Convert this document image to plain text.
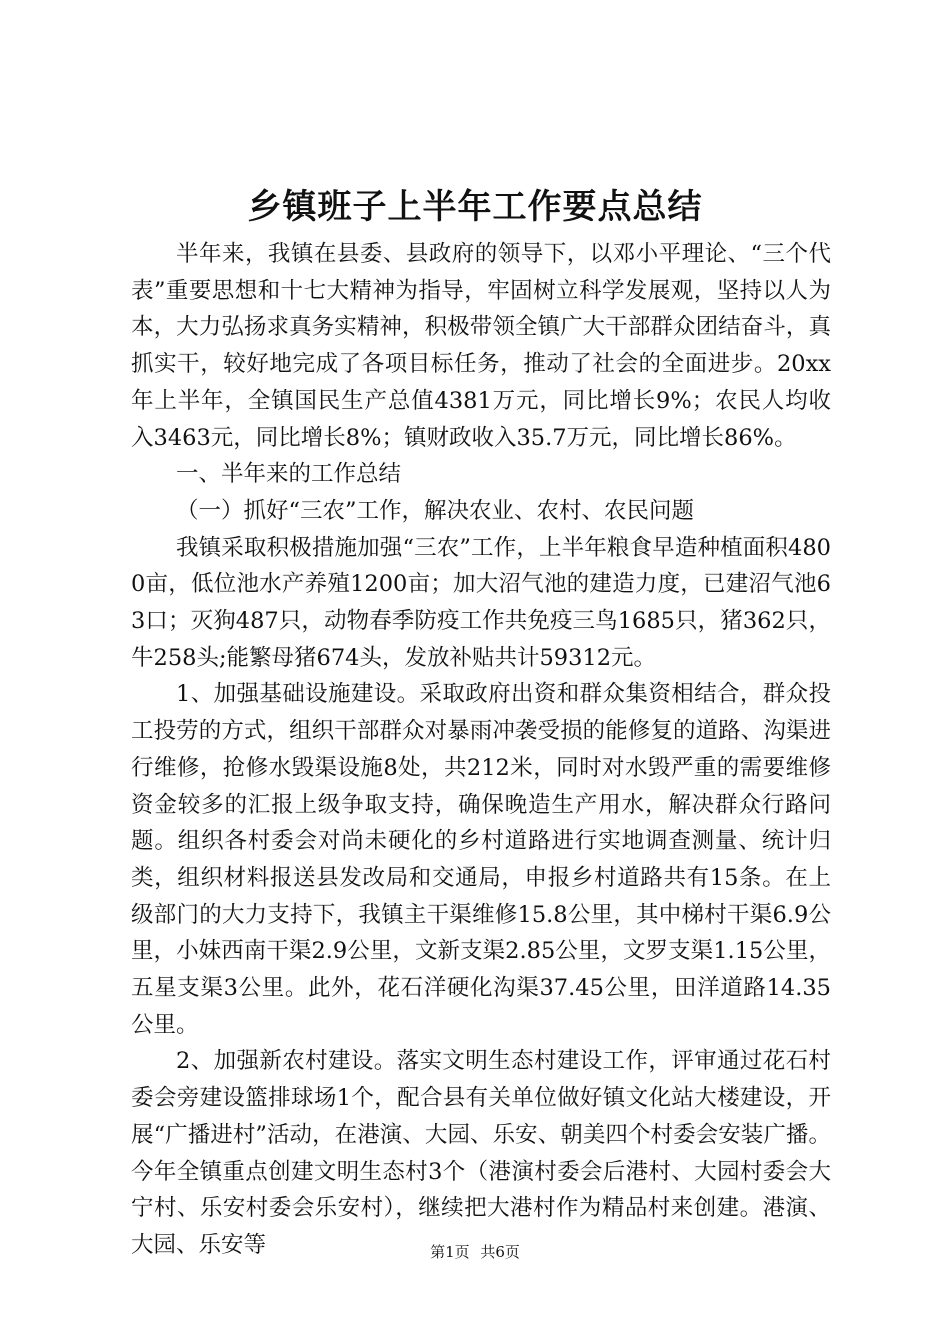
乡镇班子上半年工作要点总结

半年来，我镇在县委、县政府的领导下，以邓小平理论、“三个代表”重要思想和十七大精神为指导，牢固树立科学发展观，坚持以人为本，大力弘扬求真务实精神，积极带领全镇广大干部群众团结奋斗，真抓实干，较好地完成了各项目标任务，推动了社会的全面进步。20xx年上半年，全镇国民生产总值4381万元，同比增长9%；农民人均收入3463元，同比增长8%；镇财政收入35.7万元，同比增长86%。

一、半年来的工作总结

（一）抓好“三农”工作，解决农业、农村、农民问题

我镇采取积极措施加强“三农”工作，上半年粮食早造种植面积4800亩，低位池水产养殖1200亩；加大沼气池的建造力度，已建沼气池63口；灭狗487只，动物春季防疫工作共免疫三鸟1685只，猪362只，牛258头;能繁母猪674头，发放补贴共计59312元。

1、加强基础设施建设。采取政府出资和群众集资相结合，群众投工投劳的方式，组织干部群众对暴雨冲袭受损的能修复的道路、沟渠进行维修，抢修水毁渠设施8处，共212米，同时对水毁严重的需要维修资金较多的汇报上级争取支持，确保晚造生产用水，解决群众行路问题。组织各村委会对尚未硬化的乡村道路进行实地调查测量、统计归类，组织材料报送县发改局和交通局，申报乡村道路共有15条。在上级部门的大力支持下，我镇主干渠维修15.8公里，其中梯村干渠6.9公里，小妹西南干渠2.9公里，文新支渠2.85公里，文罗支渠1.15公里，五星支渠3公里。此外，花石洋硬化沟渠37.45公里，田洋道路14.35公里。

2、加强新农村建设。落实文明生态村建设工作，评审通过花石村委会旁建设篮排球场1个，配合县有关单位做好镇文化站大楼建设，开展“广播进村”活动，在港演、大园、乐安、朝美四个村委会安装广播。今年全镇重点创建文明生态村3个（港演村委会后港村、大园村委会大宁村、乐安村委会乐安村），继续把大港村作为精品村来创建。港演、大园、乐安等	第1页 共6页
